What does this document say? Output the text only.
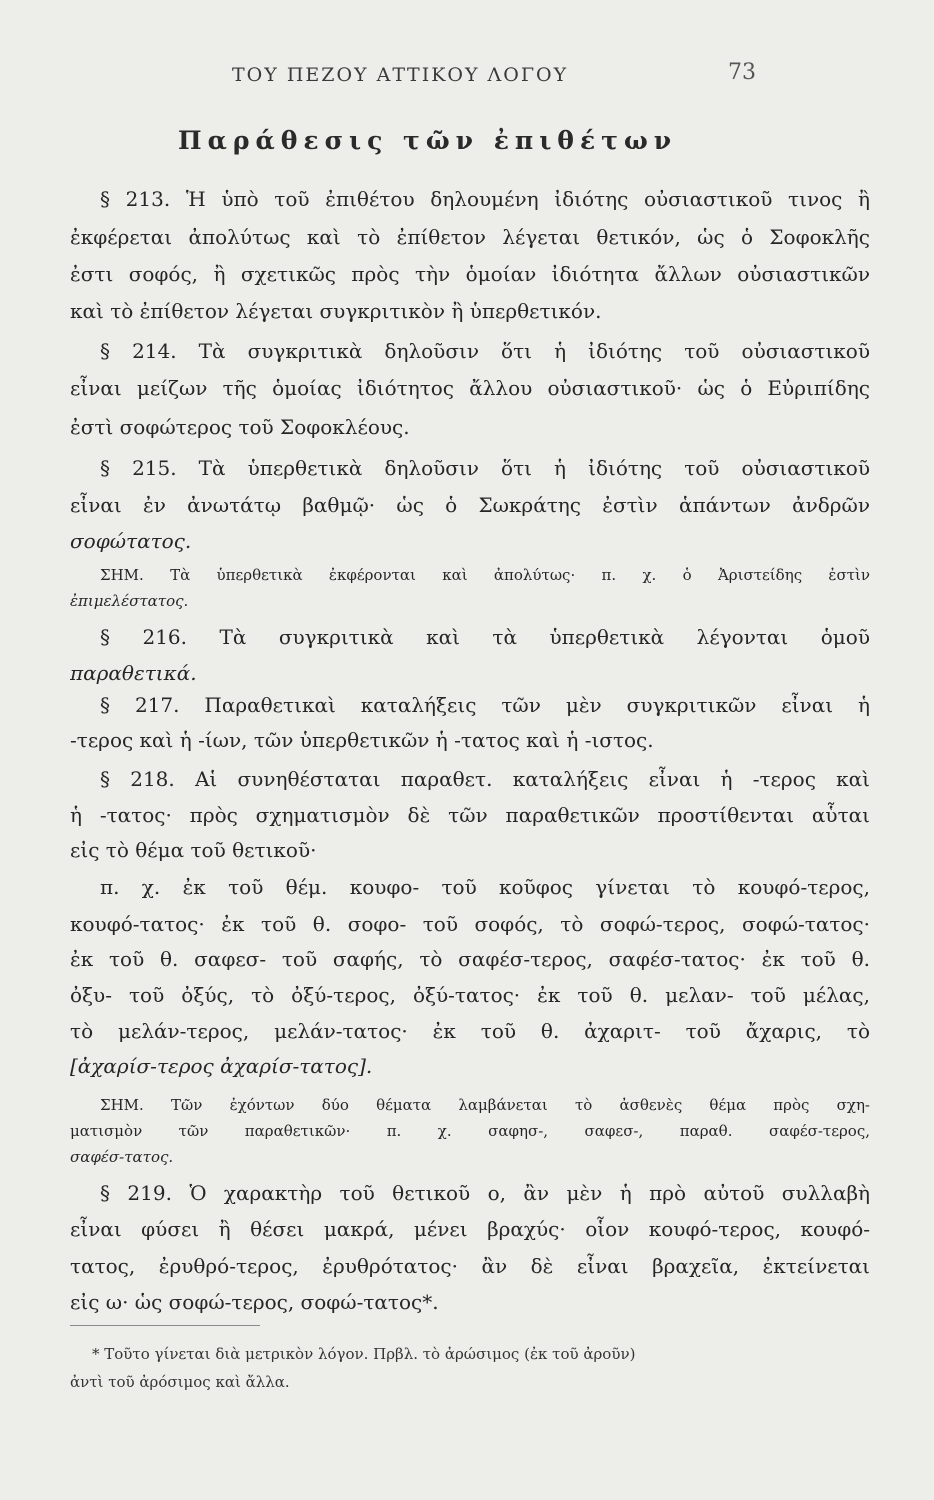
ΤΟΥ ΠΕΖΟΥ ΑΤΤΙΚΟΥ ΛΟΓΟΥ	73
Παράθεσις τῶν ἐπιθέτων
§ 213. Ἡ ὑπὸ τοῦ ἐπιθέτου δηλουμένη ἰδιότης οὐσιαστικοῦ τινος ἢ
ἐκφέρεται ἀπολύτως καὶ τὸ ἐπίθετον λέγεται θετικόν, ὡς ὁ Σοφοκλῆς
ἐστι σοφός, ἢ σχετικῶς πρὸς τὴν ὁμοίαν ἰδιότητα ἄλλων οὐσιαστικῶν
καὶ τὸ ἐπίθετον λέγεται συγκριτικὸν ἢ ὑπερθετικόν.
§ 214. Τὰ συγκριτικὰ δηλοῦσιν ὅτι ἡ ἰδιότης τοῦ οὐσιαστικοῦ
εἶναι μείζων τῆς ὁμοίας ἰδιότητος ἄλλου οὐσιαστικοῦ· ὡς ὁ Εὐριπίδης
ἐστὶ σοφώτερος τοῦ Σοφοκλέους.
§ 215. Τὰ ὑπερθετικὰ δηλοῦσιν ὅτι ἡ ἰδιότης τοῦ οὐσιαστικοῦ
εἶναι ἐν ἀνωτάτῳ βαθμῷ· ὡς ὁ Σωκράτης ἐστὶν ἁπάντων ἀνδρῶν
σοφώτατος.
ΣΗΜ. Τὰ ὑπερθετικὰ ἐκφέρονται καὶ ἀπολύτως· π. χ. ὁ Ἀριστείδης ἐστὶν
ἐπιμελέστατος.
§ 216. Τὰ συγκριτικὰ καὶ τὰ ὑπερθετικὰ λέγονται ὁμοῦ
παραθετικά.
§ 217. Παραθετικαὶ καταλήξεις τῶν μὲν συγκριτικῶν εἶναι ἡ
-τερος καὶ ἡ -ίων, τῶν ὑπερθετικῶν ἡ -τατος καὶ ἡ -ιστος.
§ 218. Αἱ συνηθέσταται παραθετ. καταλήξεις εἶναι ἡ -τερος καὶ
ἡ -τατος· πρὸς σχηματισμὸν δὲ τῶν παραθετικῶν προστίθενται αὗται
εἰς τὸ θέμα τοῦ θετικοῦ·
π. χ. ἐκ τοῦ θέμ. κουφο- τοῦ κοῦφος γίνεται τὸ κουφό-τερος,
κουφό-τατος· ἐκ τοῦ θ. σοφο- τοῦ σοφός, τὸ σοφώ-τερος, σοφώ-τατος·
ἐκ τοῦ θ. σαφεσ- τοῦ σαφής, τὸ σαφέσ-τερος, σαφέσ-τατος· ἐκ τοῦ θ.
ὀξυ- τοῦ ὀξύς, τὸ ὀξύ-τερος, ὀξύ-τατος· ἐκ τοῦ θ. μελαν- τοῦ μέλας,
τὸ μελάν-τερος, μελάν-τατος· ἐκ τοῦ θ. ἀχαριτ- τοῦ ἄχαρις, τὸ
[ἀχαρίσ-τερος ἀχαρίσ-τατος].
ΣΗΜ. Τῶν ἐχόντων δύο θέματα λαμβάνεται τὸ ἀσθενὲς θέμα πρὸς σχη-
ματισμὸν τῶν παραθετικῶν· π. χ. σαφησ-, σαφεσ-, παραθ. σαφέσ-τερος,
σαφέσ-τατος.
§ 219. Ὁ χαρακτὴρ τοῦ θετικοῦ ο, ἂν μὲν ἡ πρὸ αὐτοῦ συλλαβὴ
εἶναι φύσει ἢ θέσει μακρά, μένει βραχύς· οἷον κουφό-τερος, κουφό-
τατος, ἐρυθρό-τερος, ἐρυθρότατος· ἂν δὲ εἶναι βραχεῖα, ἐκτείνεται
εἰς ω· ὡς σοφώ-τερος, σοφώ-τατος*.
* Τοῦτο γίνεται διὰ μετρικὸν λόγον. Πρβλ. τὸ ἀρώσιμος (ἐκ τοῦ ἀροῦν)
ἀντὶ τοῦ ἀρόσιμος καὶ ἄλλα.
